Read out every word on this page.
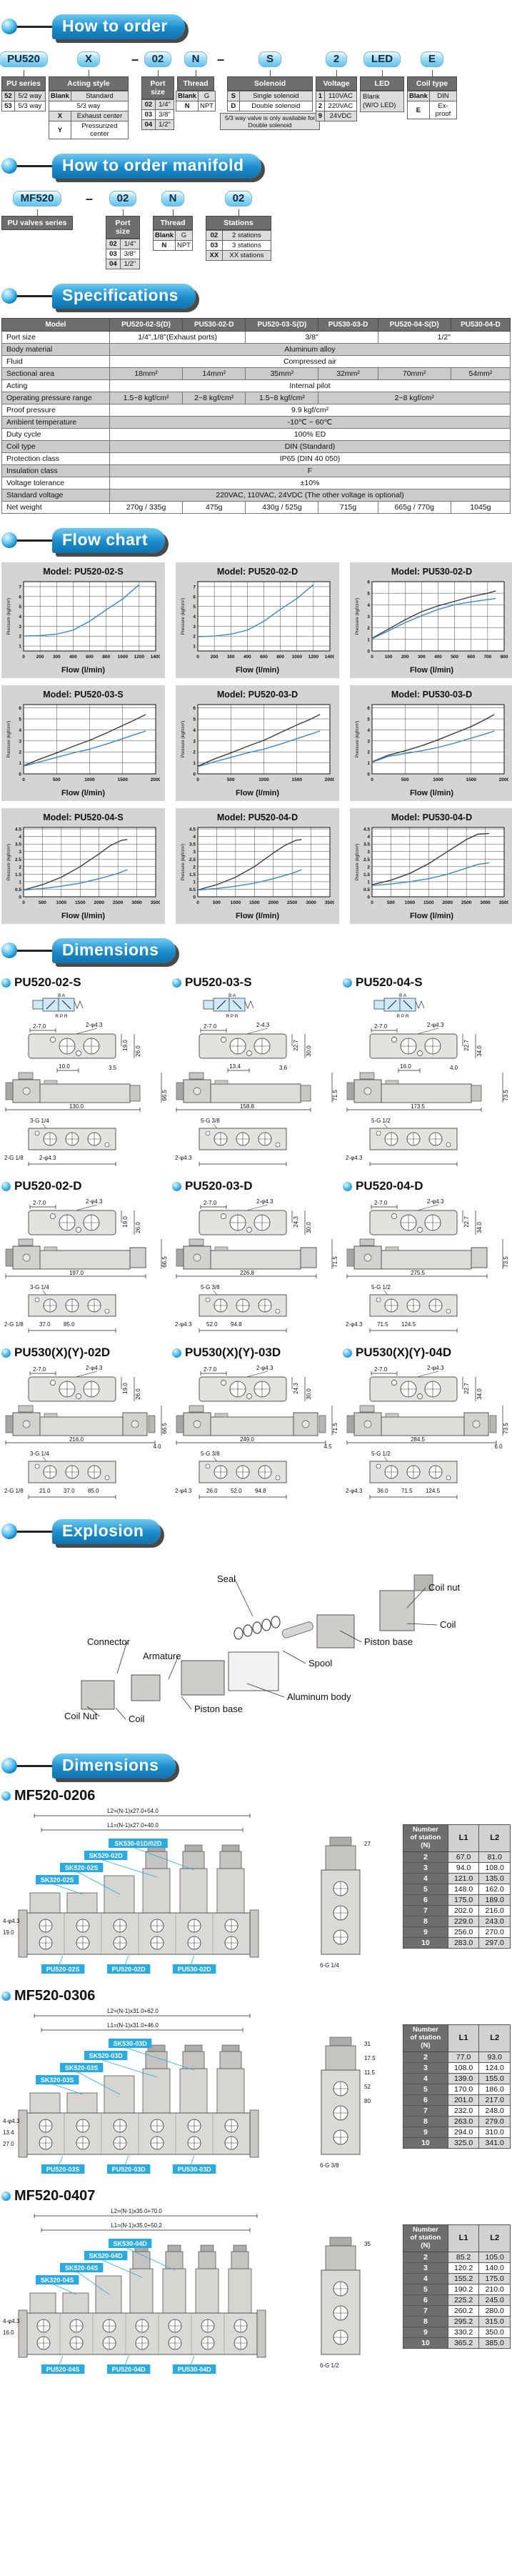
How to order
PU520
PU series
52	5/2 way
53	5/3 way
X
Acting style
Blank	Standard
5/3 way	
X	Exhaust center
Y	Pressurized center
–	02
Port size
02	1/4"
03	3/8"
04	1/2"
N
Thread
Blank	G
N	NPT
–	S
Solenoid
S	Single solenoid
D	Double solenoid
5/3 way valve is only available for Double solenoid
2
Voltage
1	110VAC
2	220VAC
9	24VDC
LED
LED
Blank
(W/O LED)
E
Coil type
Blank	DIN
E	Ex-proof
How to order manifold
MF520
PU valves series
–	02
Port size
02	1/4"
03	3/8"
04	1/2"
N
Thread
Blank	G
N	NPT
02
Stations
02	2 stations
03	3 stations
XX	XX stations
Specifications
Model	PU520-02-S(D)	PU530-02-D	PU520-03-S(D)	PU530-03-D	PU520-04-S(D)	PU530-04-D
Port size	1/4",1/8"(Exhaust ports)		3/8"		1/2"	
Body material	Aluminum alloy					
Fluid	Compressed air					
Sectional area	18mm²	14mm²	35mm²	32mm²	70mm²	54mm²
Acting	Internal pilot					
Operating pressure range	1.5~8 kgf/cm²	2~8 kgf/cm²	1.5~8 kgf/cm²	2~8 kgf/cm²		
Proof pressure	9.9 kgf/cm²					
Ambient temperature	-10℃ ~ 60℃					
Duty cycle	100% ED					
Coil type	DIN (Standard)					
Protection class	IP65 (DIN 40 050)					
Insulation class	F					
Voltage tolerance	±10%					
Standard voltage	220VAC, 110VAC, 24VDC (The other voltage is optional)					
Net weight	270g / 335g	475g	430g / 525g	715g	665g / 770g	1045g
Flow chart
Model: PU520-02-S
0 200 300 400 600 800 1000 1200 1400
1
2
3
4
5
6
7
Pressure (kgf/cm²)
Flow (l/min)
Model: PU520-02-D
0 200 300 400 600 800 1000 1200 1400
1
2
3
4
5
6
7
Pressure (kgf/cm²)
Flow (l/min)
Model: PU530-02-D
0 100 200 300 400 500 600 700 800
0
1
2
3
4
5
6
Pressure (kgf/cm²)
Flow (l/min)
Model: PU520-03-S
0	500	1000	1500	2000
0
1
2
3
4
5
6
Pressure (kgf/cm²)
Flow (l/min)
Model: PU520-03-D
0	500	1000	1500	2000
0
1
2
3
4
5
6
Pressure (kgf/cm²)
Flow (l/min)
Model: PU530-03-D
0	500	1000	1500	2000
0
1
2
3
4
5
6
Pressure (kgf/cm²)
Flow (l/min)
Model: PU520-04-S
0	500 1000 1500 2000 2500 3000 3500
0
0.5
1
1.5
2
2.5
3
3.5
4
4.5
Pressure (kgf/cm²)
Flow (l/min)
Model: PU520-04-D
0	500 1000 1500 2000 2500 3000 3500
0
0.5
1
1.5
2
2.5
3
3.5
4
4.5
Pressure (kgf/cm²)
Flow (l/min)
Model: PU530-04-D
0	500 1000 1500 2000 2500 3000 3500
0
0.5
1
1.5
2
2.5
3
3.5
4
4.5
Pressure (kgf/cm²)
Flow (l/min)
Dimensions
PU520-02-S
B A
R P R
2-7.0	2-φ4.3
19.0
26.0
10.0	3.5
130.0
66.5
3-G 1/4
2-G 1/8	2-φ4.3
PU520-03-S
B A
R P R
2-7.0	2-4.3
22.7
30.0
13.4	3.6
158.8
71.5
5-G 3/8
2-φ4.3
PU520-04-S
B A
R P R
2-7.0	2-φ4.3
22.7
34.0
16.0	4.0
173.5
73.5
5-G 1/2
2-φ4.3
PU520-02-D
2-7.0	2-φ4.3
19.0
26.0
197.0
66.5
3-G 1/4
2-G 1/8	37.0 85.0
PU520-03-D
2-7.0	2-φ4.3
24.3
30.0
226.8
71.5
5-G 3/8
2-φ4.3	52.0 94.8
PU520-04-D
2-7.0	2-φ4.3
22.7
34.0
275.5
73.5
5-G 1/2
2-φ4.3	71.5 124.5
PU530(X)(Y)-02D
2-7.0	2-φ4.3
19.0
26.0
216.0
66.5
4.0
3-G 1/4
2-G 1/8	21.0 37.0 85.0
PU530(X)(Y)-03D
2-7.0	2-φ4.3
24.3
30.0
249.0
71.5
4.5
5-G 3/8
2-φ4.3	26.0 52.0 94.8
PU530(X)(Y)-04D
2-7.0	2-φ4.3
22.7
34.0
284.5
73.5
6.0
5-G 1/2
2-φ4.3	36.0 71.5 124.5
Explosion
Seal
Coil nut
Coil
Connector
Armature
Spool
Piston base
Aluminum body
Piston base
Coil Nut	Coil
Dimensions
MF520-0206
L2=(N-1)x27.0+54.0
L1=(N-1)x27.0+40.0
SK530-01D/02D
SK520-02D
SK520-02S
SK320-02S
4-φ4.3
19.0
PU520-02S	PU520-02D	PU530-02D
27
6-G 1/4
Number
of station (N)	L1	L2
2	67.0	81.0
3	94.0	108.0
4	121.0	135.0
5	148.0	162.0
6	175.0	189.0
7	202.0	216.0
8	229.0	243.0
9	256.0	270.0
10	283.0	297.0
MF520-0306
L2=(N-1)x31.0+62.0
L1=(N-1)x31.0+46.0
SK530-03D
SK520-03D
SK520-03S
SK320-03S
4-φ4.3
13.4
27.0
PU520-03S	PU520-03D	PU530-03D
31
17.5
11.5
52
80
6-G 3/8
Number
of station (N)	L1	L2
2	77.0	93.0
3	108.0	124.0
4	139.0	155.0
5	170.0	186.0
6	201.0	217.0
7	232.0	248.0
8	263.0	279.0
9	294.0	310.0
10	325.0	341.0
MF520-0407
L2=(N-1)x35.0+70.0
L1=(N-1)x35.0+50.2
SK530-04D
SK520-04D
SK520-04S
SK320-04S
4-φ4.3
16.0
PU520-04S	PU520-04D	PU530-04D
35
6-G 1/2
Number
of station (N)	L1	L2
2	85.2	105.0
3	120.2	140.0
4	155.2	175.0
5	190.2	210.0
6	225.2	245.0
7	260.2	280.0
8	295.2	315.0
9	330.2	350.0
10	365.2	385.0
